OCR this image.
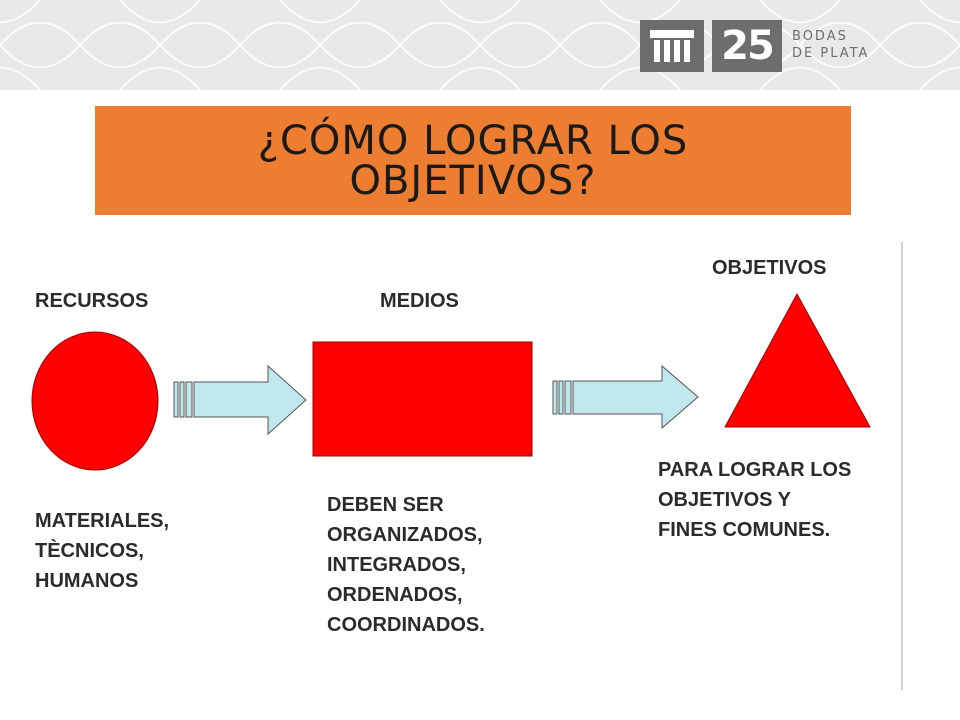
25	BODAS
DE PLATA
¿CÓMO LOGRAR LOS OBJETIVOS?
RECURSOS	MEDIOS
OBJETIVOS
MATERIALES,
TÈCNICOS,
HUMANOS
DEBEN SER
ORGANIZADOS,
INTEGRADOS,
ORDENADOS,
COORDINADOS.
PARA LOGRAR LOS
OBJETIVOS Y
FINES COMUNES.
